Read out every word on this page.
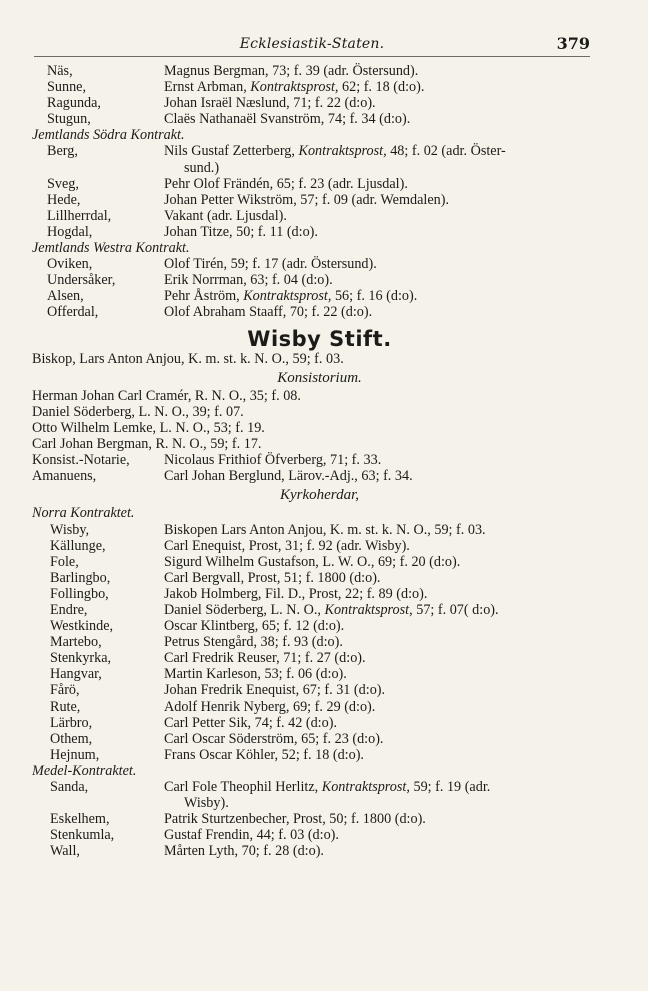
Ecklesiastik-Staten.	379
Näs,	Magnus Bergman, 73; f. 39 (adr. Östersund).
Sunne,	Ernst Arbman, Kontraktsprost, 62; f. 18 (d:o).
Ragunda,	Johan Israël Næslund, 71; f. 22 (d:o).
Stugun,	Claës Nathanaël Svanström, 74; f. 34 (d:o).
Jemtlands Södra Kontrakt.
Berg,	Nils Gustaf Zetterberg, Kontraktsprost, 48; f. 02 (adr. Öster-
sund.)
Sveg,	Pehr Olof Frändén, 65; f. 23 (adr. Ljusdal).
Hede,	Johan Petter Wikström, 57; f. 09 (adr. Wemdalen).
Lillherrdal,	Vakant (adr. Ljusdal).
Hogdal,	Johan Titze, 50; f. 11 (d:o).
Jemtlands Westra Kontrakt.
Oviken,	Olof Tirén, 59; f. 17 (adr. Östersund).
Undersåker,	Erik Norrman, 63; f. 04 (d:o).
Alsen,	Pehr Åström, Kontraktsprost, 56; f. 16 (d:o).
Offerdal,	Olof Abraham Staaff, 70; f. 22 (d:o).
Wisby Stift.
Biskop, Lars Anton Anjou, K. m. st. k. N. O., 59; f. 03.
Konsistorium.
Herman Johan Carl Cramér, R. N. O., 35; f. 08.
Daniel Söderberg, L. N. O., 39; f. 07.
Otto Wilhelm Lemke, L. N. O., 53; f. 19.
Carl Johan Bergman, R. N. O., 59; f. 17.
Konsist.-Notarie,	Nicolaus Frithiof Öfverberg, 71; f. 33.
Amanuens,	Carl Johan Berglund, Lärov.-Adj., 63; f. 34.
Kyrkoherdar,
Norra Kontraktet.
Wisby,	Biskopen Lars Anton Anjou, K. m. st. k. N. O., 59; f. 03.
Källunge,	Carl Enequist, Prost, 31; f. 92 (adr. Wisby).
Fole,	Sigurd Wilhelm Gustafson, L. W. O., 69; f. 20 (d:o).
Barlingbo,	Carl Bergvall, Prost, 51; f. 1800 (d:o).
Follingbo,	Jakob Holmberg, Fil. D., Prost, 22; f. 89 (d:o).
Endre,	Daniel Söderberg, L. N. O., Kontraktsprost, 57; f. 07( d:o).
Westkinde,	Oscar Klintberg, 65; f. 12 (d:o).
Martebo,	Petrus Stengård, 38; f. 93 (d:o).
Stenkyrka,	Carl Fredrik Reuser, 71; f. 27 (d:o).
Hangvar,	Martin Karleson, 53; f. 06 (d:o).
Fårö,	Johan Fredrik Enequist, 67; f. 31 (d:o).
Rute,	Adolf Henrik Nyberg, 69; f. 29 (d:o).
Lärbro,	Carl Petter Sik, 74; f. 42 (d:o).
Othem,	Carl Oscar Söderström, 65; f. 23 (d:o).
Hejnum,	Frans Oscar Köhler, 52; f. 18 (d:o).
Medel-Kontraktet.
Sanda,	Carl Fole Theophil Herlitz, Kontraktsprost, 59; f. 19 (adr.
Wisby).
Eskelhem,	Patrik Sturtzenbecher, Prost, 50; f. 1800 (d:o).
Stenkumla,	Gustaf Frendin, 44; f. 03 (d:o).
Wall,	Mårten Lyth, 70; f. 28 (d:o).
